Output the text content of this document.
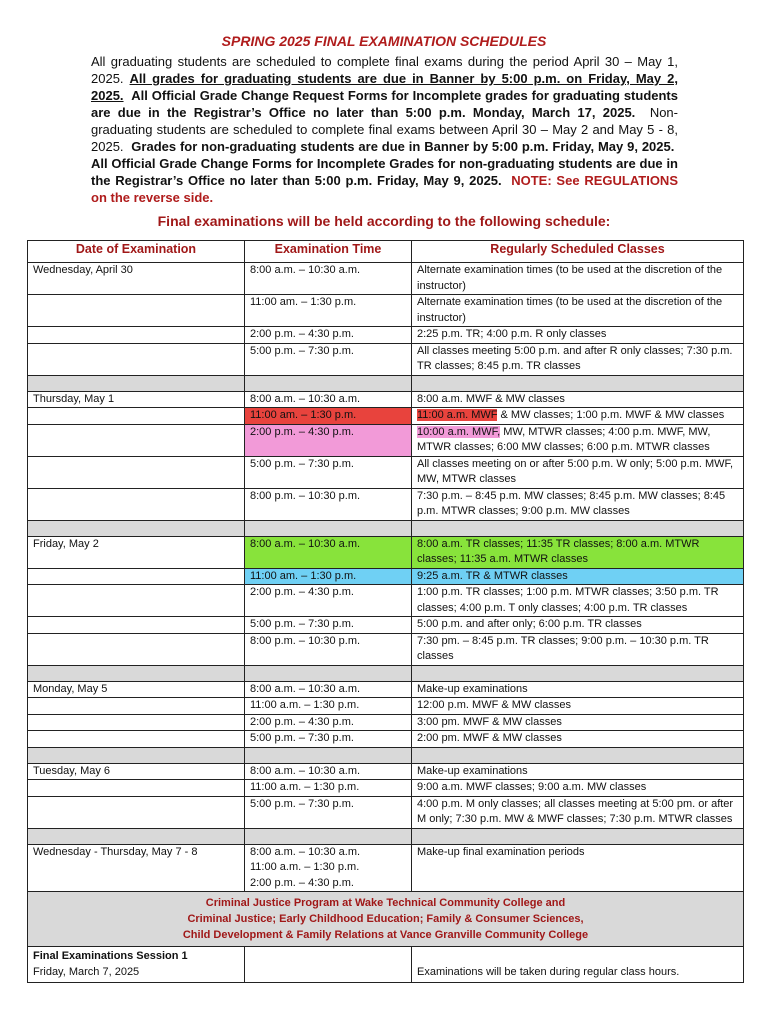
SPRING 2025 FINAL EXAMINATION SCHEDULES
All graduating students are scheduled to complete final exams during the period April 30 – May 1, 2025. All grades for graduating students are due in Banner by 5:00 p.m. on Friday, May 2, 2025. All Official Grade Change Request Forms for Incomplete grades for graduating students are due in the Registrar’s Office no later than 5:00 p.m. Monday, March 17, 2025. Non-graduating students are scheduled to complete final exams between April 30 – May 2 and May 5 - 8, 2025. Grades for non-graduating students are due in Banner by 5:00 p.m. Friday, May 9, 2025.  All Official Grade Change Forms for Incomplete Grades for non-graduating students are due in the Registrar’s Office no later than 5:00 p.m. Friday, May 9, 2025. NOTE: See REGULATIONS on the reverse side.
Final examinations will be held according to the following schedule:
Date of Examination	Examination Time	Regularly Scheduled Classes
Wednesday, April 30	8:00 a.m. – 10:30 a.m.	Alternate examination times (to be used at the discretion of the instructor)
	11:00 am. – 1:30 p.m.	Alternate examination times (to be used at the discretion of the instructor)
	2:00 p.m. – 4:30 p.m.	2:25 p.m. TR; 4:00 p.m. R only classes
	5:00 p.m. – 7:30 p.m.	All classes meeting 5:00 p.m. and after R only classes; 7:30 p.m. TR classes; 8:45 p.m. TR classes

Thursday, May 1	8:00 a.m. – 10:30 a.m.	8:00 a.m. MWF & MW classes
	11:00 am. – 1:30 p.m.	11:00 a.m. MWF & MW classes; 1:00 p.m. MWF & MW classes
	2:00 p.m. – 4:30 p.m.	10:00 a.m. MWF, MW, MTWR classes; 4:00 p.m. MWF, MW, MTWR classes; 6:00 MW classes; 6:00 p.m. MTWR classes
	5:00 p.m. – 7:30 p.m.	All classes meeting on or after 5:00 p.m. W only; 5:00 p.m. MWF, MW, MTWR classes
	8:00 p.m. – 10:30 p.m.	7:30 p.m. – 8:45 p.m. MW classes; 8:45 p.m. MW classes; 8:45 p.m. MTWR classes; 9:00 p.m. MW classes

Friday, May 2	8:00 a.m. – 10:30 a.m.	8:00 a.m. TR classes; 11:35 TR classes; 8:00 a.m. MTWR classes; 11:35 a.m. MTWR classes
	11:00 am. – 1:30 p.m.	9:25 a.m. TR & MTWR classes
	2:00 p.m. – 4:30 p.m.	1:00 p.m. TR classes; 1:00 p.m. MTWR classes; 3:50 p.m. TR classes; 4:00 p.m. T only classes; 4:00 p.m. TR classes
	5:00 p.m. – 7:30 p.m.	5:00 p.m. and after only; 6:00 p.m. TR classes
	8:00 p.m. – 10:30 p.m.	7:30 pm. – 8:45 p.m. TR classes; 9:00 p.m. – 10:30 p.m. TR classes

Monday, May 5	8:00 a.m. – 10:30 a.m.	Make-up examinations
	11:00 a.m. – 1:30 p.m.	12:00 p.m. MWF & MW classes
	2:00 p.m. – 4:30 p.m.	3:00 pm. MWF & MW classes
	5:00 p.m. – 7:30 p.m.	2:00 pm. MWF & MW classes

Tuesday, May 6	8:00 a.m. – 10:30 a.m.	Make-up examinations
	11:00 a.m. – 1:30 p.m.	9:00 a.m. MWF classes; 9:00 a.m. MW classes
	5:00 p.m. – 7:30 p.m.	4:00 p.m. M only classes; all classes meeting at 5:00 pm. or after M only; 7:30 p.m. MW & MWF classes; 7:30 p.m. MTWR classes

Wednesday - Thursday, May 7 - 8	8:00 a.m. – 10:30 a.m.
11:00 a.m. – 1:30 p.m.
2:00 p.m. – 4:30 p.m.	Make-up final examination periods

Criminal Justice Program at Wake Technical Community College and
Criminal Justice; Early Childhood Education; Family & Consumer Sciences,
Child Development & Family Relations at Vance Granville Community College		

Final Examinations Session 1
Friday, March 7, 2025		Examinations will be taken during regular class hours.
